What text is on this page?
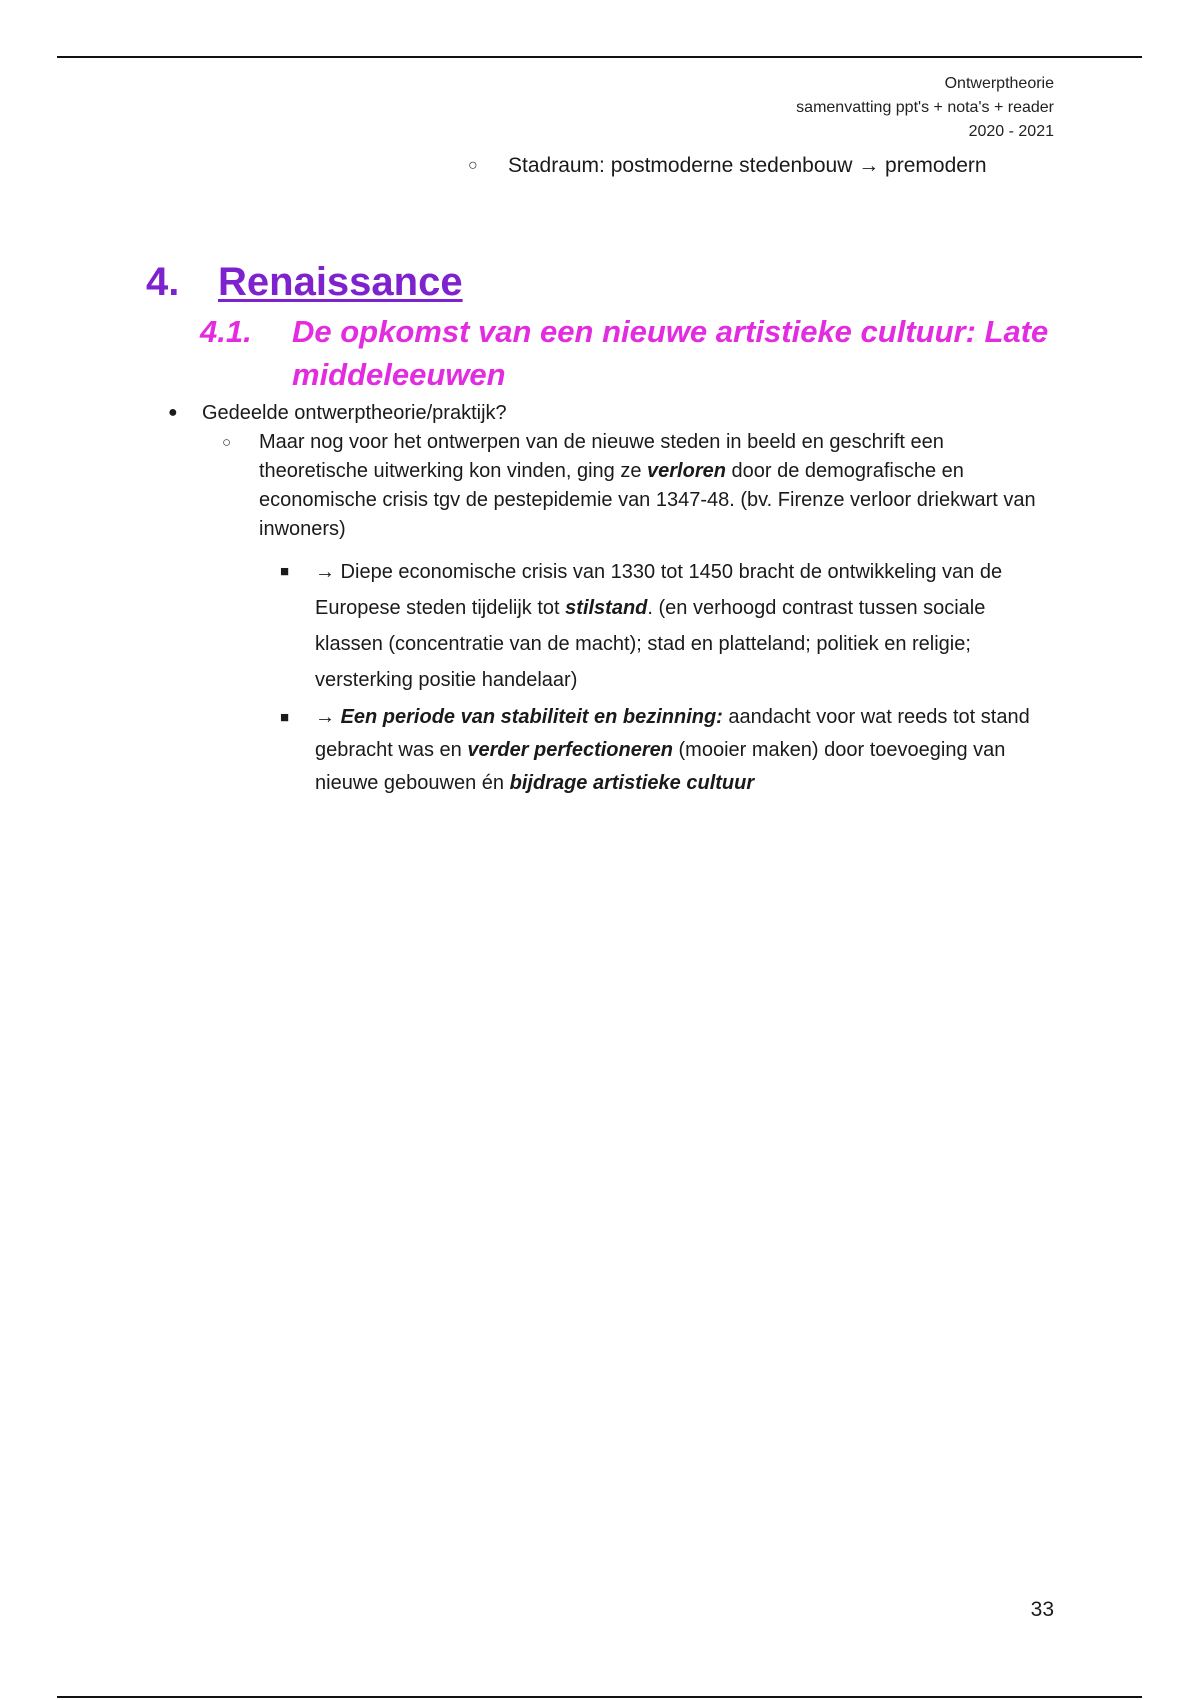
Ontwerptheorie
samenvatting ppt's + nota's + reader
2020 - 2021
○ Stadraum: postmoderne stedenbouw → premodern
4. Renaissance
4.1. De opkomst van een nieuwe artistieke cultuur: Late middeleeuwen
● Gedeelde ontwerptheorie/praktijk?
○ Maar nog voor het ontwerpen van de nieuwe steden in beeld en geschrift een theoretische uitwerking kon vinden, ging ze verloren door de demografische en economische crisis tgv de pestepidemie van 1347-48. (bv. Firenze verloor driekwart van inwoners)
■ → Diepe economische crisis van 1330 tot 1450 bracht de ontwikkeling van de Europese steden tijdelijk tot stilstand. (en verhoogd contrast tussen sociale klassen (concentratie van de macht); stad en platteland; politiek en religie; versterking positie handelaar)
■ → Een periode van stabiliteit en bezinning: aandacht voor wat reeds tot stand gebracht was en verder perfectioneren (mooier maken) door toevoeging van nieuwe gebouwen én bijdrage artistieke cultuur
33
